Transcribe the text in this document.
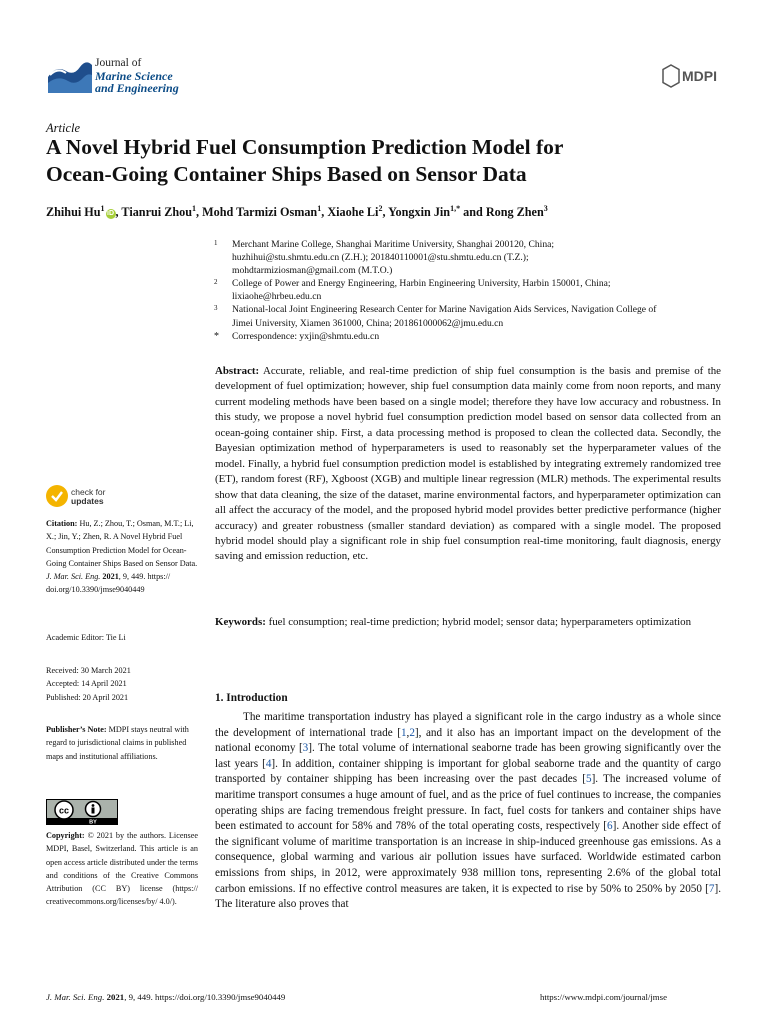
Journal of
Marine Science
and Engineering
MDPI
Article
A Novel Hybrid Fuel Consumption Prediction Model for
Ocean-Going Container Ships Based on Sensor Data
Zhihui Hu$^1$iD , Tianrui Zhou$^1$, Mohd Tarmizi Osman$^1$, Xiaohe Li$^2$, Yongxin Jin$^{1,*}$ and Rong Zhen$^3$
1 Merchant Marine College, Shanghai Maritime University, Shanghai 200120, China;
huzhihui@stu.shmtu.edu.cn (Z.H.); 201840110001@stu.shmtu.edu.cn (T.Z.);
mohdtarmiziosman@gmail.com (M.T.O.)
2 College of Power and Energy Engineering, Harbin Engineering University, Harbin 150001, China;
lixiaohe@hrbeu.edu.cn
3 National-local Joint Engineering Research Center for Marine Navigation Aids Services, Navigation College of
Jimei University, Xiamen 361000, China; 201861000062@jmu.edu.cn
* Correspondence: yxjin@shmtu.edu.cn
Abstract: Accurate, reliable, and real-time prediction of ship fuel consumption is the basis and premise of the development of fuel optimization; however, ship fuel consumption data mainly come from noon reports, and many current modeling methods have been based on a single model; therefore they have low accuracy and robustness. In this study, we propose a novel hybrid fuel consumption prediction model based on sensor data collected from an ocean-going container ship. First, a data processing method is proposed to clean the collected data. Secondly, the Bayesian optimization method of hyperparameters is used to reasonably set the hyperparameter values of the model. Finally, a hybrid fuel consumption prediction model is established by integrating extremely randomized tree (ET), random forest (RF), Xgboost (XGB) and multiple linear regression (MLR) methods. The experimental results show that data cleaning, the size of the dataset, marine environmental factors, and hyperparameter optimization can all affect the accuracy of the model, and the proposed hybrid model provides better predictive performance (higher accuracy) and greater robustness (smaller standard deviation) as compared with a single model. The proposed hybrid model should play a significant role in ship fuel consumption real-time monitoring, fault diagnosis, energy saving and emission reduction, etc.
Keywords: fuel consumption; real-time prediction; hybrid model; sensor data; hyperparameters optimization
check for
updates
Citation: Hu, Z.; Zhou, T.; Osman, M.T.; Li, X.; Jin, Y.; Zhen, R. A Novel Hybrid Fuel Consumption Prediction Model for Ocean-Going Container Ships Based on Sensor Data. J. Mar. Sci. Eng. 2021, 9, 449. https:// doi.org/10.3390/jmse9040449
Academic Editor: Tie Li
Received: 30 March 2021
Accepted: 14 April 2021
Published: 20 April 2021
Publisher’s Note: MDPI stays neutral with regard to jurisdictional claims in published maps and institutional affiliations.
cc
BY
Copyright: © 2021 by the authors. Licensee MDPI, Basel, Switzerland. This article is an open access article distributed under the terms and conditions of the Creative Commons Attribution (CC BY) license (https:// creativecommons.org/licenses/by/ 4.0/).
1. Introduction

The maritime transportation industry has played a significant role in the cargo industry as a whole since the development of international trade [1,2], and it also has an important impact on the development of the national economy [3]. The total volume of international seaborne trade has been growing significantly over the last years [4]. In addition, container shipping is important for global seaborne trade and the quantity of cargo transported by container shipping has been increasing over the past decades [5]. The increased volume of maritime transport consumes a huge amount of fuel, and as the price of fuel continues to increase, the companies operating ships are facing tremendous freight pressure. In fact, fuel costs for tankers and container ships have been estimated to account for 58% and 78% of the total operating costs, respectively [6]. Another side effect of the significant volume of maritime transportation is an increase in ship-induced greenhouse gas emissions. As a consequence, global warming and various air pollution issues have surfaced. Worldwide estimated carbon emissions from ships, in 2012, were approximately 938 million tons, representing 2.6% of the global total carbon emissions. If no effective control measures are taken, it is expected to rise by 50% to 250% by 2050 [7]. The literature also proves that

J. Mar. Sci. Eng. 2021, 9, 449. https://doi.org/10.3390/jmse9040449	https://www.mdpi.com/journal/jmse
